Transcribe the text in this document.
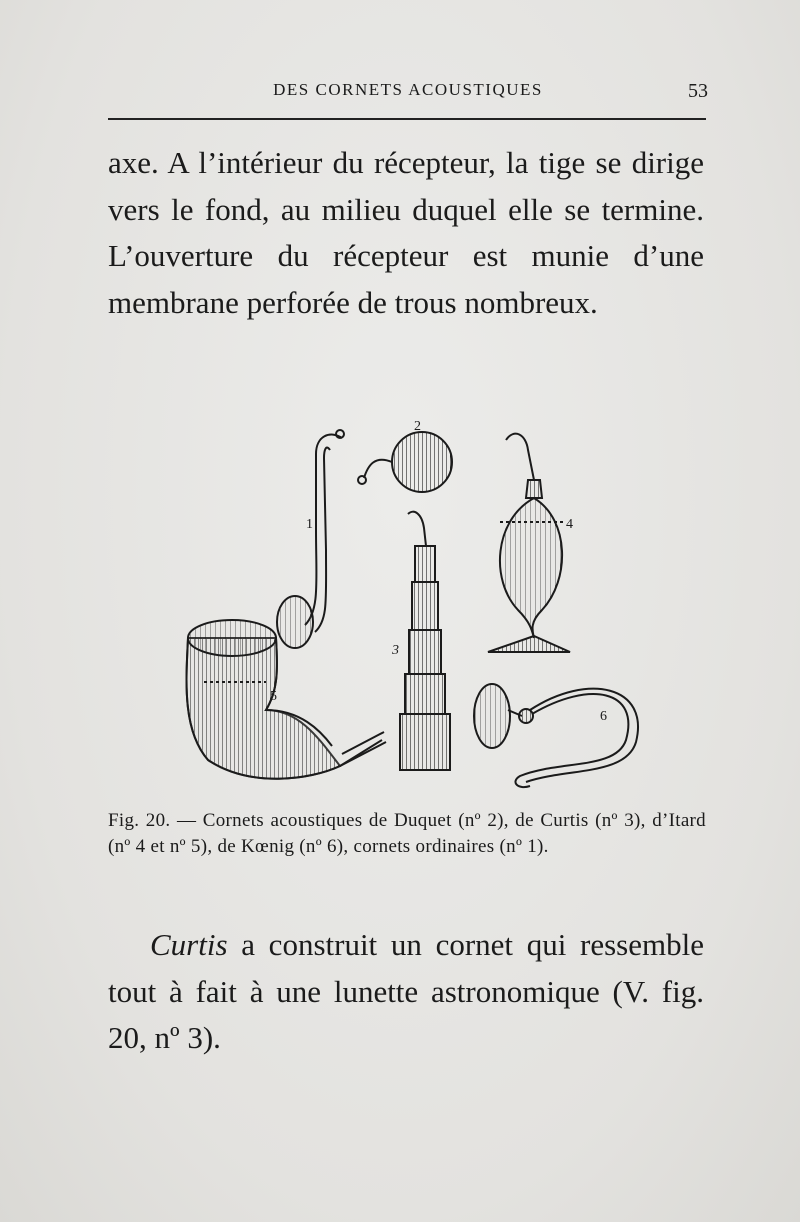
DES CORNETS ACOUSTIQUES	53

axe. A l’intérieur du récepteur, la tige se dirige vers le fond, au milieu duquel elle se termine. L’ouverture du récepteur est munie d’une membrane perforée de trous nombreux.

1
2
4
3
5
6

Fig. 20. — Cornets acoustiques de Duquet (nº 2), de Curtis (nº 3), d’Itard (nº 4 et nº 5), de Kœnig (nº 6), cornets ordinaires (nº 1).

Curtis a construit un cornet qui ressemble tout à fait à une lunette astronomique (V. fig. 20, nº 3).
